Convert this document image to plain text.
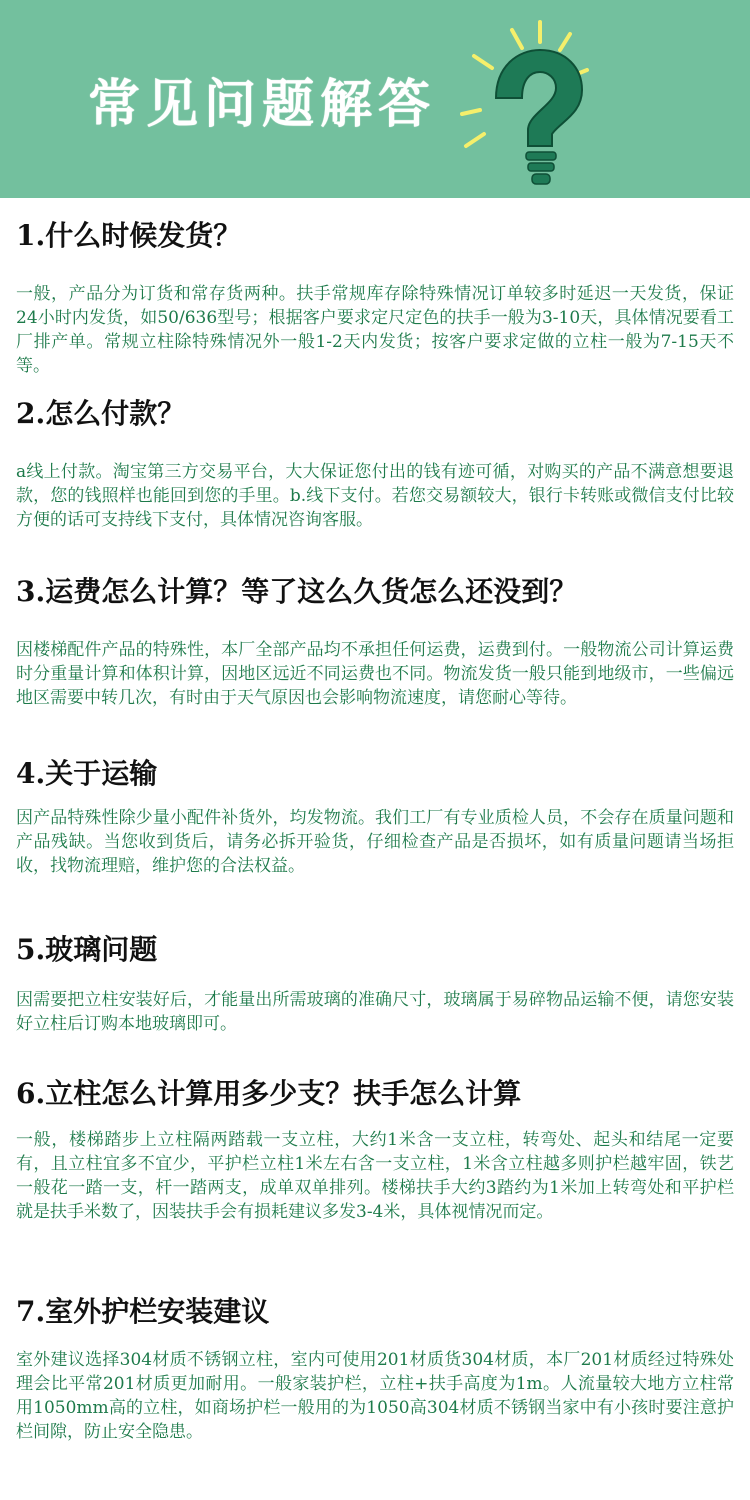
常见问题解答
1.什么时候发货？

一般，产品分为订货和常存货两种。扶手常规库存除特殊情况订单较多时延迟一天发货，保证24小时内发货，如50/636型号；根据客户要求定尺定色的扶手一般为3-10天，具体情况要看工厂排产单。常规立柱除特殊情况外一般1-2天内发货；按客户要求定做的立柱一般为7-15天不等。

2.怎么付款？

a线上付款。淘宝第三方交易平台，大大保证您付出的钱有迹可循，对购买的产品不满意想要退款，您的钱照样也能回到您的手里。b.线下支付。若您交易额较大，银行卡转账或微信支付比较方便的话可支持线下支付，具体情况咨询客服。

3.运费怎么计算？等了这么久货怎么还没到？

因楼梯配件产品的特殊性，本厂全部产品均不承担任何运费，运费到付。一般物流公司计算运费时分重量计算和体积计算，因地区远近不同运费也不同。物流发货一般只能到地级市，一些偏远地区需要中转几次，有时由于天气原因也会影响物流速度，请您耐心等待。

4.关于运输

因产品特殊性除少量小配件补货外，均发物流。我们工厂有专业质检人员，不会存在质量问题和产品残缺。当您收到货后，请务必拆开验货，仔细检查产品是否损坏，如有质量问题请当场拒收，找物流理赔，维护您的合法权益。

5.玻璃问题

因需要把立柱安装好后，才能量出所需玻璃的准确尺寸，玻璃属于易碎物品运输不便，请您安装好立柱后订购本地玻璃即可。

6.立柱怎么计算用多少支？扶手怎么计算

一般，楼梯踏步上立柱隔两踏载一支立柱，大约1米含一支立柱，转弯处、起头和结尾一定要有，且立柱宜多不宜少，平护栏立柱1米左右含一支立柱，1米含立柱越多则护栏越牢固，铁艺一般花一踏一支，杆一踏两支，成单双单排列。楼梯扶手大约3踏约为1米加上转弯处和平护栏就是扶手米数了，因装扶手会有损耗建议多发3-4米，具体视情况而定。

7.室外护栏安装建议

室外建议选择304材质不锈钢立柱，室内可使用201材质货304材质，本厂201材质经过特殊处理会比平常201材质更加耐用。一般家装护栏，立柱+扶手高度为1m。人流量较大地方立柱常用1050mm高的立柱，如商场护栏一般用的为1050高304材质不锈钢当家中有小孩时要注意护栏间隙，防止安全隐患。
